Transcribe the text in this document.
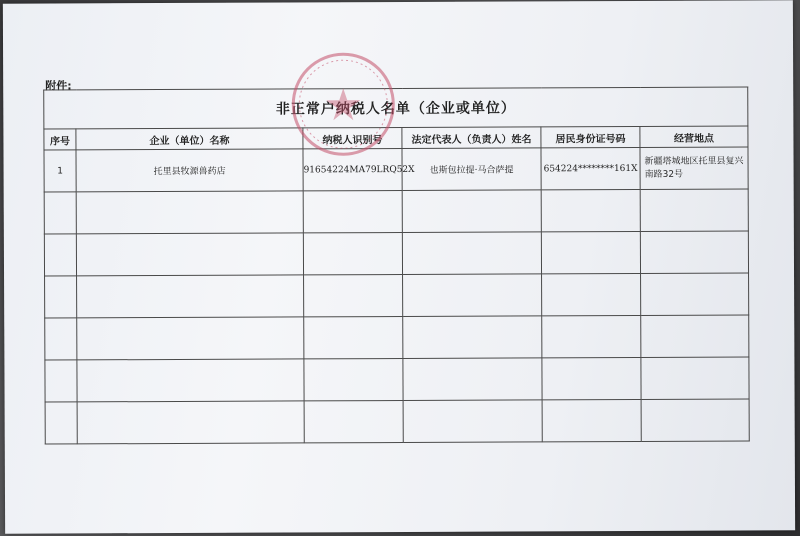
附件:
非正常户纳税人名单（企业或单位）					
序号	企业（单位）名称	纳税人识别号	法定代表人（负责人）姓名	居民身份证号码	经营地点
1	托里县牧源兽药店	91654224MA79LRQ52X	也斯包拉提·马合萨提	654224********161X	新疆塔城地区托里县复兴南路32号
